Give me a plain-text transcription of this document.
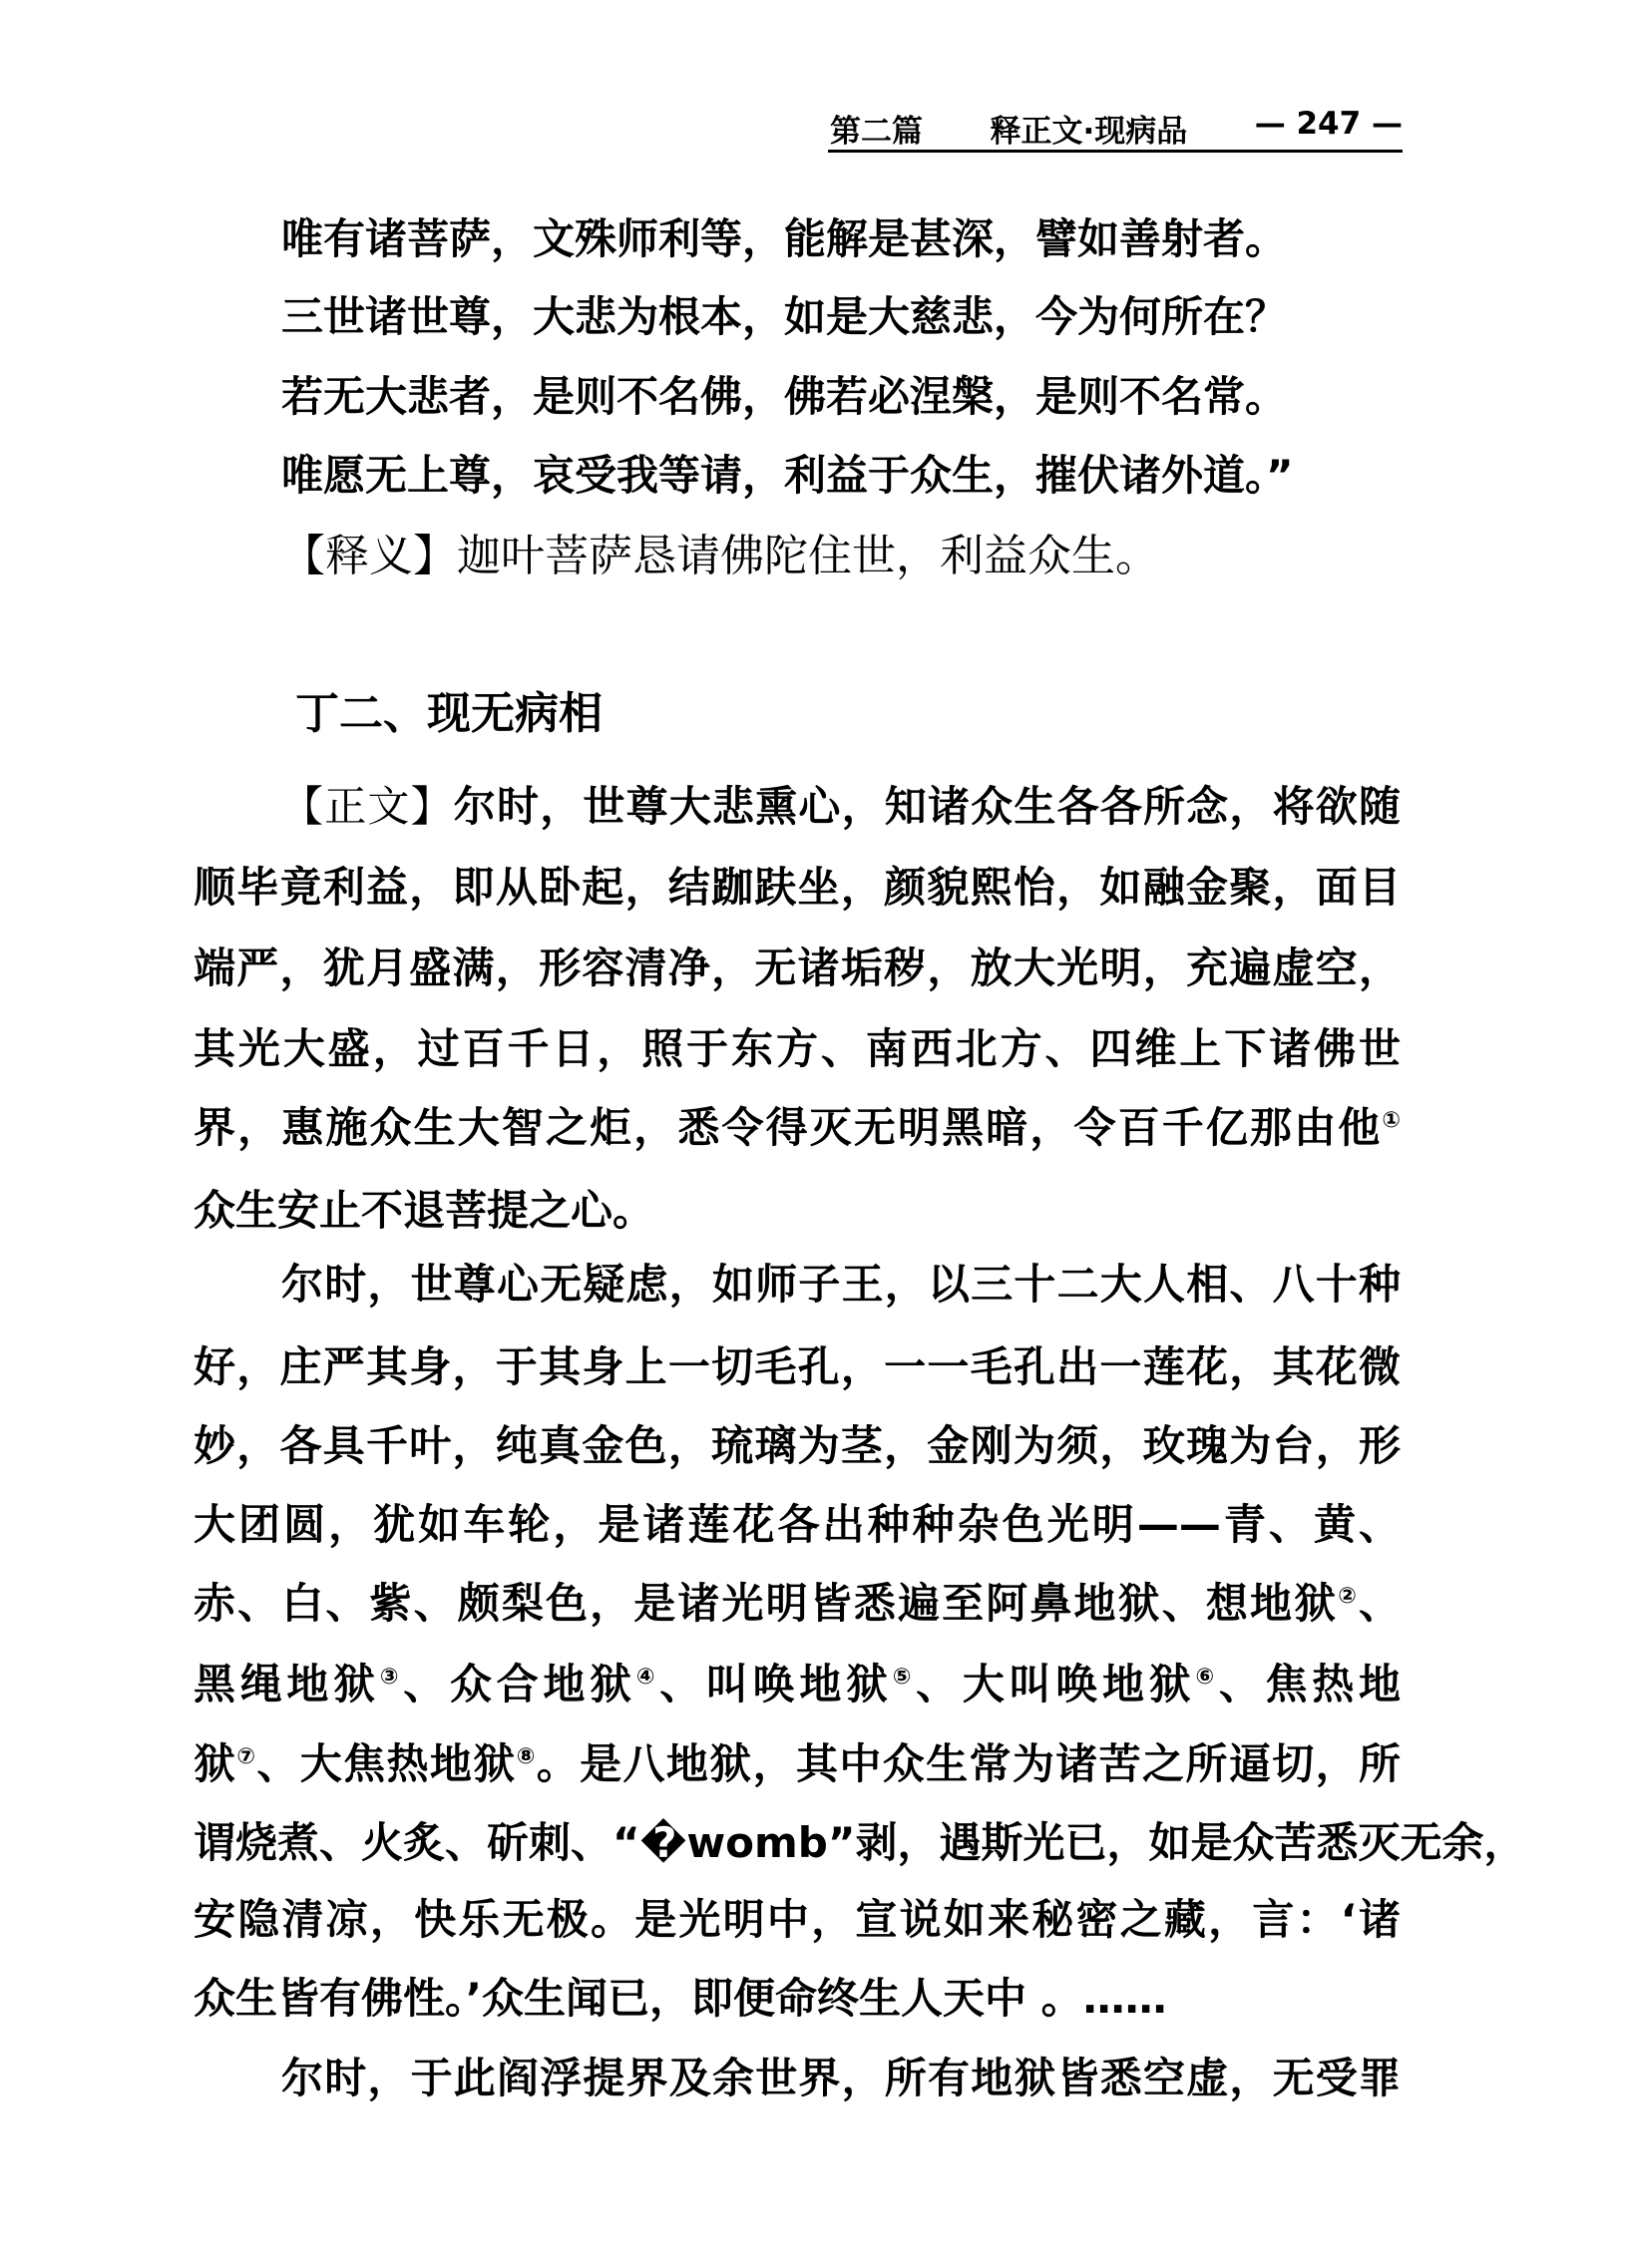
第二篇 释正文·现病品 — 247 —
唯有诸菩萨，文殊师利等，能解是甚深，譬如善射者。
三世诸世尊，大悲为根本，如是大慈悲，今为何所在？
若无大悲者，是则不名佛，佛若必涅槃，是则不名常。
唯愿无上尊，哀受我等请，利益于众生，摧伏诸外道。”
【释义】迦叶菩萨恳请佛陀住世，利益众生。
丁二、现无病相
【正文】尔时，世尊大悲熏心，知诸众生各各所念，将欲随
顺毕竟利益，即从卧起，结跏趺坐，颜貌熙怡，如融金聚，面目
端严，犹月盛满，形容清净，无诸垢秽，放大光明，充遍虚空，
其光大盛，过百千日，照于东方、南西北方、四维上下诸佛世
界，惠施众生大智之炬，悉令得灭无明黑暗，令百千亿那由他①
众生安止不退菩提之心。
尔时，世尊心无疑虑，如师子王，以三十二大人相、八十种
好，庄严其身，于其身上一切毛孔，一一毛孔出一莲花，其花微
妙，各具千叶，纯真金色，琉璃为茎，金刚为须，玫瑰为台，形
大团圆，犹如车轮，是诸莲花各出种种杂色光明——青、黄、
赤、白、紫、颇梨色，是诸光明皆悉遍至阿鼻地狱、想地狱②、
黑绳地狱③、众合地狱④、叫唤地狱⑤、大叫唤地狱⑥、焦热地
狱⑦、大焦热地狱⑧。是八地狱，其中众生常为诸苦之所逼切，所
谓烧煮、火炙、斫刺、“�womb”剥，遇斯光已，如是众苦悉灭无余，
安隐清凉，快乐无极。是光明中，宣说如来秘密之藏，言：‘诸
众生皆有佛性。’众生闻已，即便命终生人天中 。……
尔时，于此阎浮提界及余世界，所有地狱皆悉空虚，无受罪
